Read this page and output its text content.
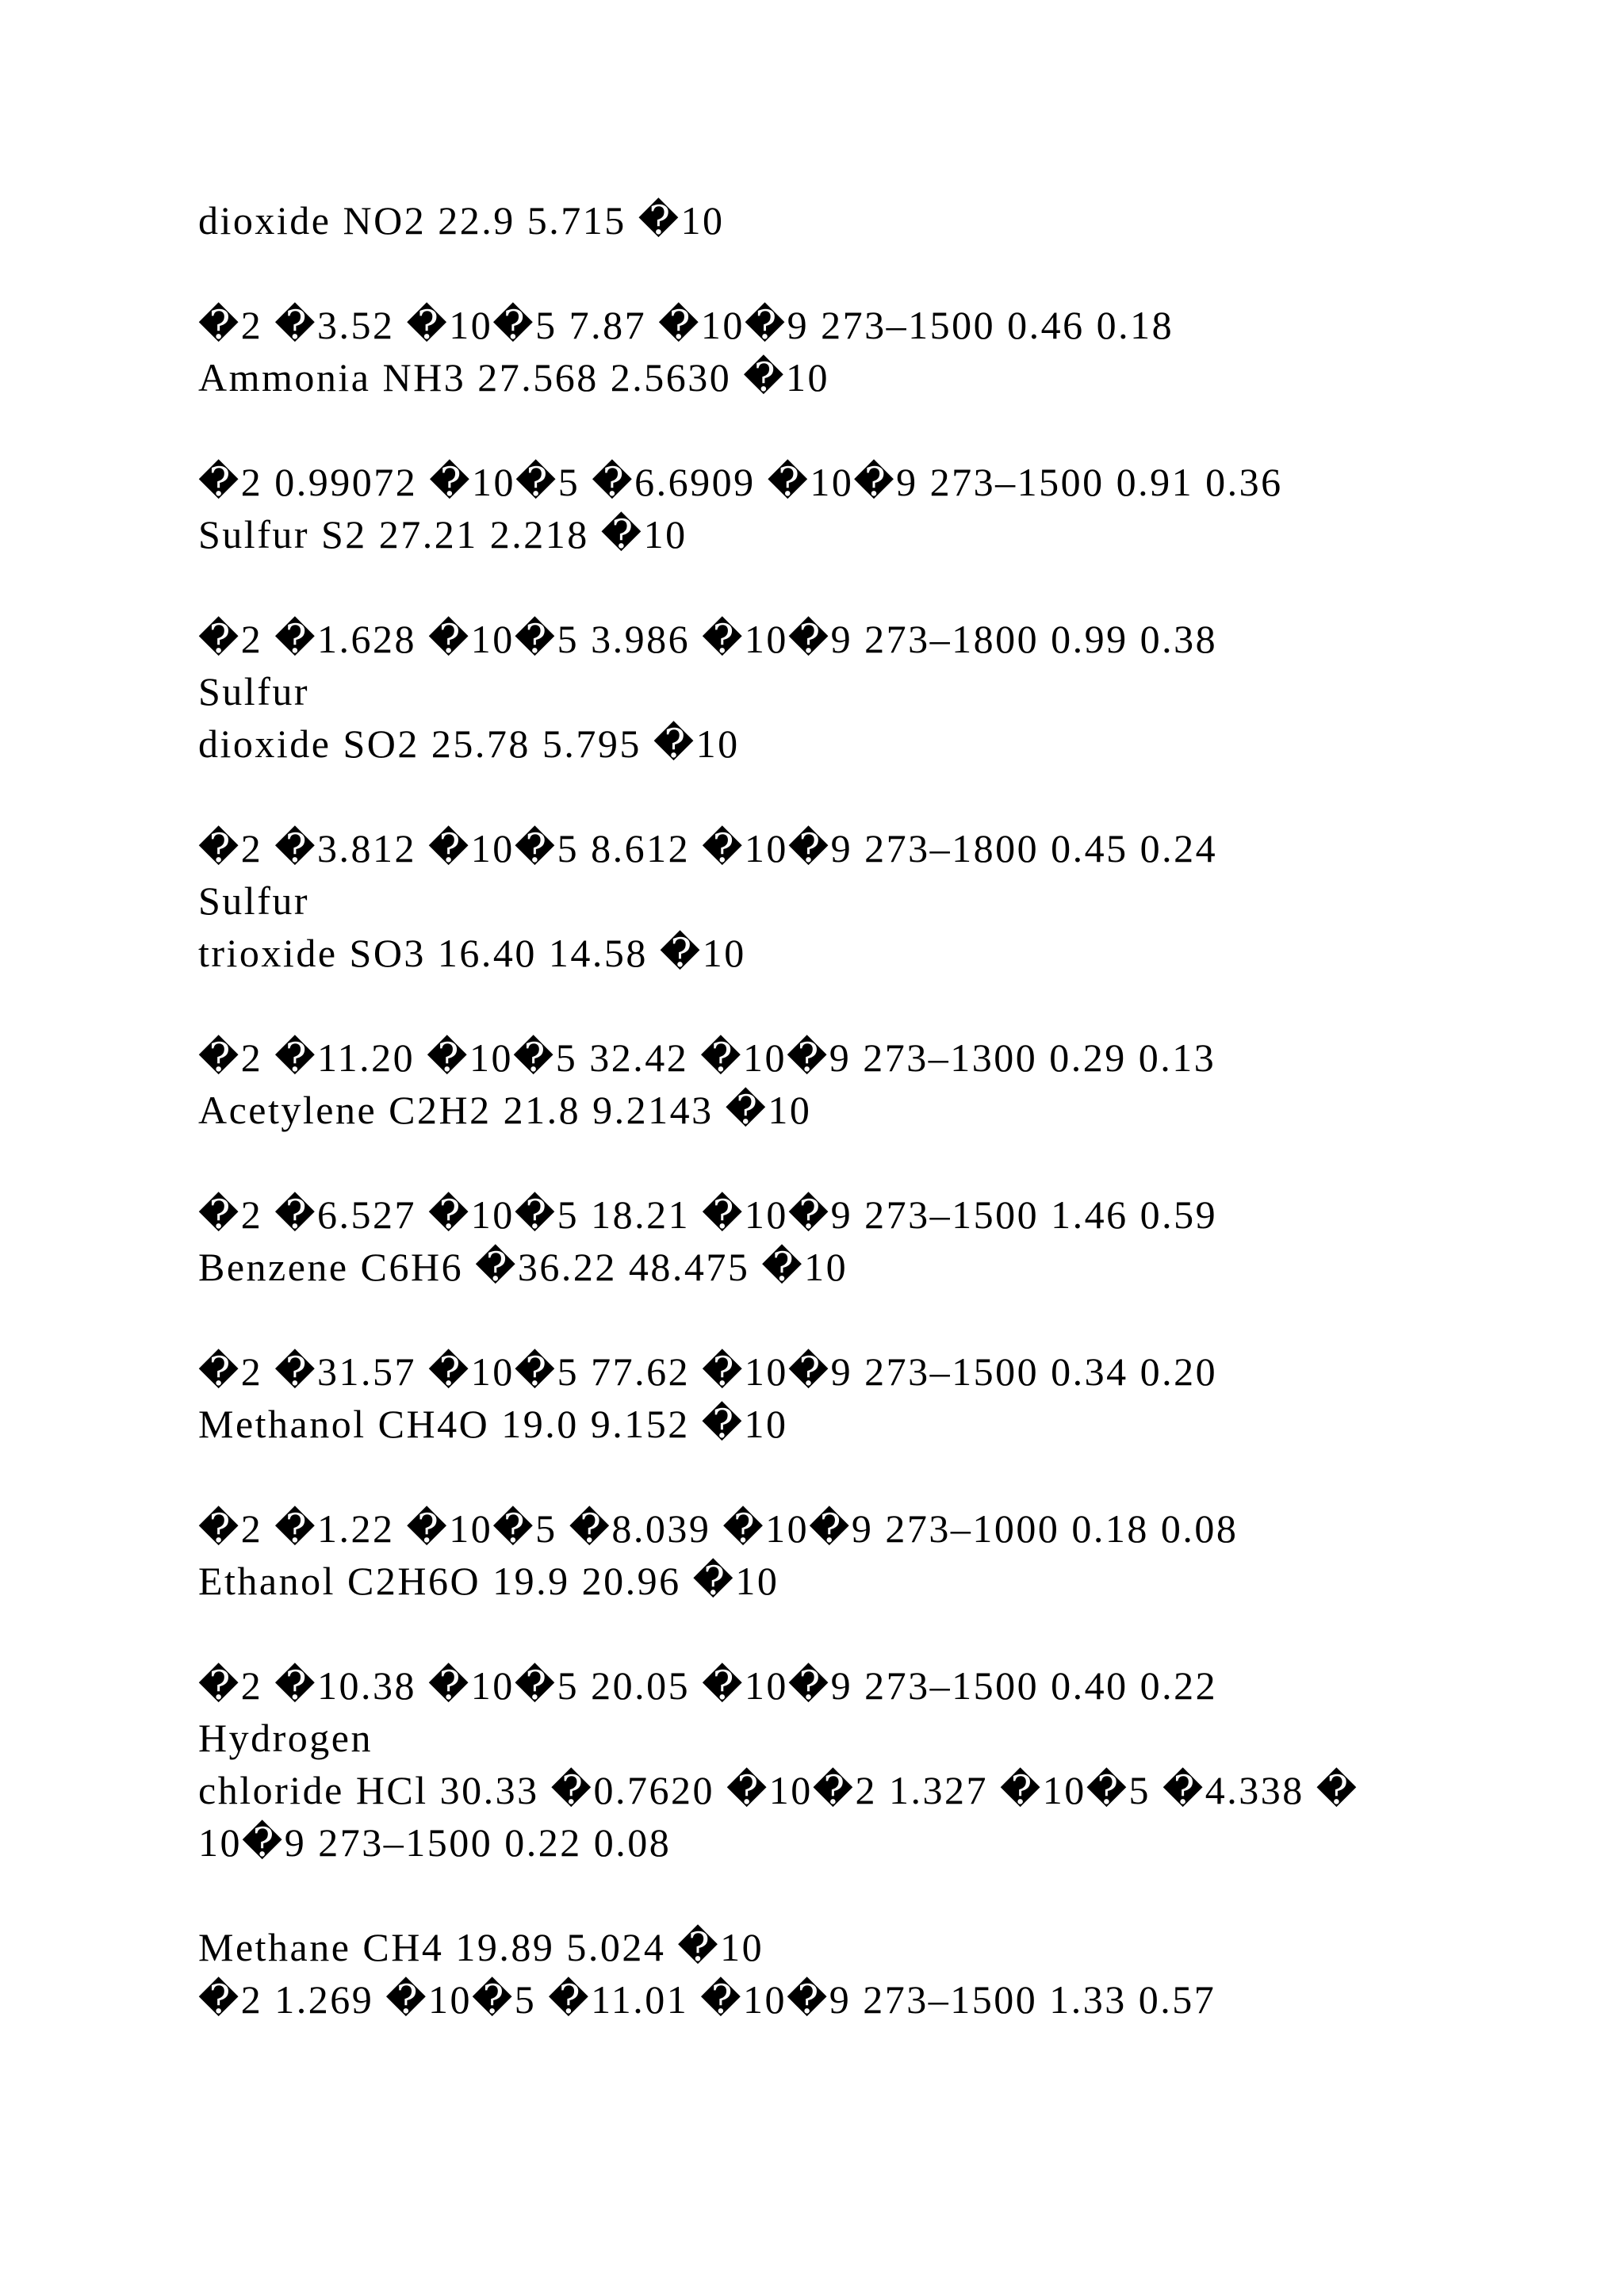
dioxide NO2 22.9 5.715 �10
�2 �3.52 �10�5 7.87 �10�9 273–1500 0.46 0.18
Ammonia NH3 27.568 2.5630 �10
�2 0.99072 �10�5 �6.6909 �10�9 273–1500 0.91 0.36
Sulfur S2 27.21 2.218 �10
�2 �1.628 �10�5 3.986 �10�9 273–1800 0.99 0.38
Sulfur
dioxide SO2 25.78 5.795 �10
�2 �3.812 �10�5 8.612 �10�9 273–1800 0.45 0.24
Sulfur
trioxide SO3 16.40 14.58 �10
�2 �11.20 �10�5 32.42 �10�9 273–1300 0.29 0.13
Acetylene C2H2 21.8 9.2143 �10
�2 �6.527 �10�5 18.21 �10�9 273–1500 1.46 0.59
Benzene C6H6 �36.22 48.475 �10
�2 �31.57 �10�5 77.62 �10�9 273–1500 0.34 0.20
Methanol CH4O 19.0 9.152 �10
�2 �1.22 �10�5 �8.039 �10�9 273–1000 0.18 0.08
Ethanol C2H6O 19.9 20.96 �10
�2 �10.38 �10�5 20.05 �10�9 273–1500 0.40 0.22
Hydrogen
chloride HCl 30.33 �0.7620 �10�2 1.327 �10�5 �4.338 �
10�9 273–1500 0.22 0.08
Methane CH4 19.89 5.024 �10
�2 1.269 �10�5 �11.01 �10�9 273–1500 1.33 0.57
